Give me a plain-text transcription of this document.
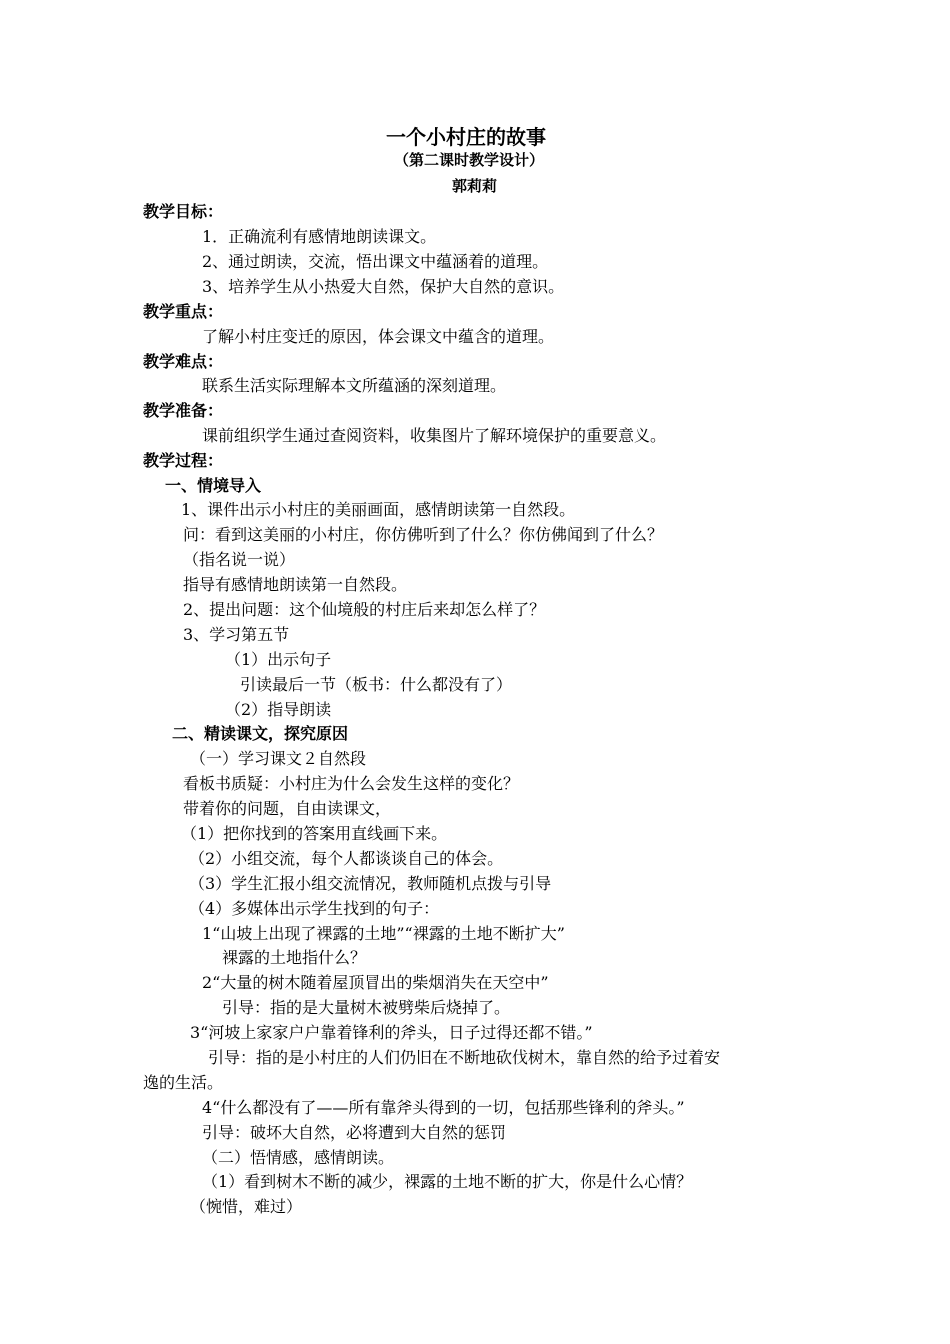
一个小村庄的故事
（第二课时教学设计）
郭莉莉
教学目标：
1．正确流利有感情地朗读课文。
2、通过朗读，交流，悟出课文中蕴涵着的道理。
3、培养学生从小热爱大自然，保护大自然的意识。
教学重点：
了解小村庄变迁的原因，体会课文中蕴含的道理。
教学难点：
联系生活实际理解本文所蕴涵的深刻道理。
教学准备：
课前组织学生通过查阅资料，收集图片了解环境保护的重要意义。
教学过程：
一、情境导入
1、课件出示小村庄的美丽画面，感情朗读第一自然段。
问：看到这美丽的小村庄，你仿佛听到了什么？你仿佛闻到了什么？
（指名说一说）
指导有感情地朗读第一自然段。
2、提出问题：这个仙境般的村庄后来却怎么样了？
3、学习第五节
（1）出示句子
引读最后一节（板书：什么都没有了）
（2）指导朗读
二、精读课文，探究原因
（一）学习课文２自然段
看板书质疑：小村庄为什么会发生这样的变化？
带着你的问题，自由读课文，
（1）把你找到的答案用直线画下来。
（2）小组交流，每个人都谈谈自己的体会。
（3）学生汇报小组交流情况，教师随机点拨与引导
（4）多媒体出示学生找到的句子：
1“山坡上出现了裸露的土地”“裸露的土地不断扩大”
裸露的土地指什么？
2“大量的树木随着屋顶冒出的柴烟消失在天空中”
引导：指的是大量树木被劈柴后烧掉了。
3“河坡上家家户户靠着锋利的斧头，日子过得还都不错。”
引导：指的是小村庄的人们仍旧在不断地砍伐树木，靠自然的给予过着安
逸的生活。
4“什么都没有了——所有靠斧头得到的一切，包括那些锋利的斧头。”
引导：破坏大自然，必将遭到大自然的惩罚
（二）悟情感，感情朗读。
（1）看到树木不断的减少，裸露的土地不断的扩大，你是什么心情？
（惋惜，难过）
